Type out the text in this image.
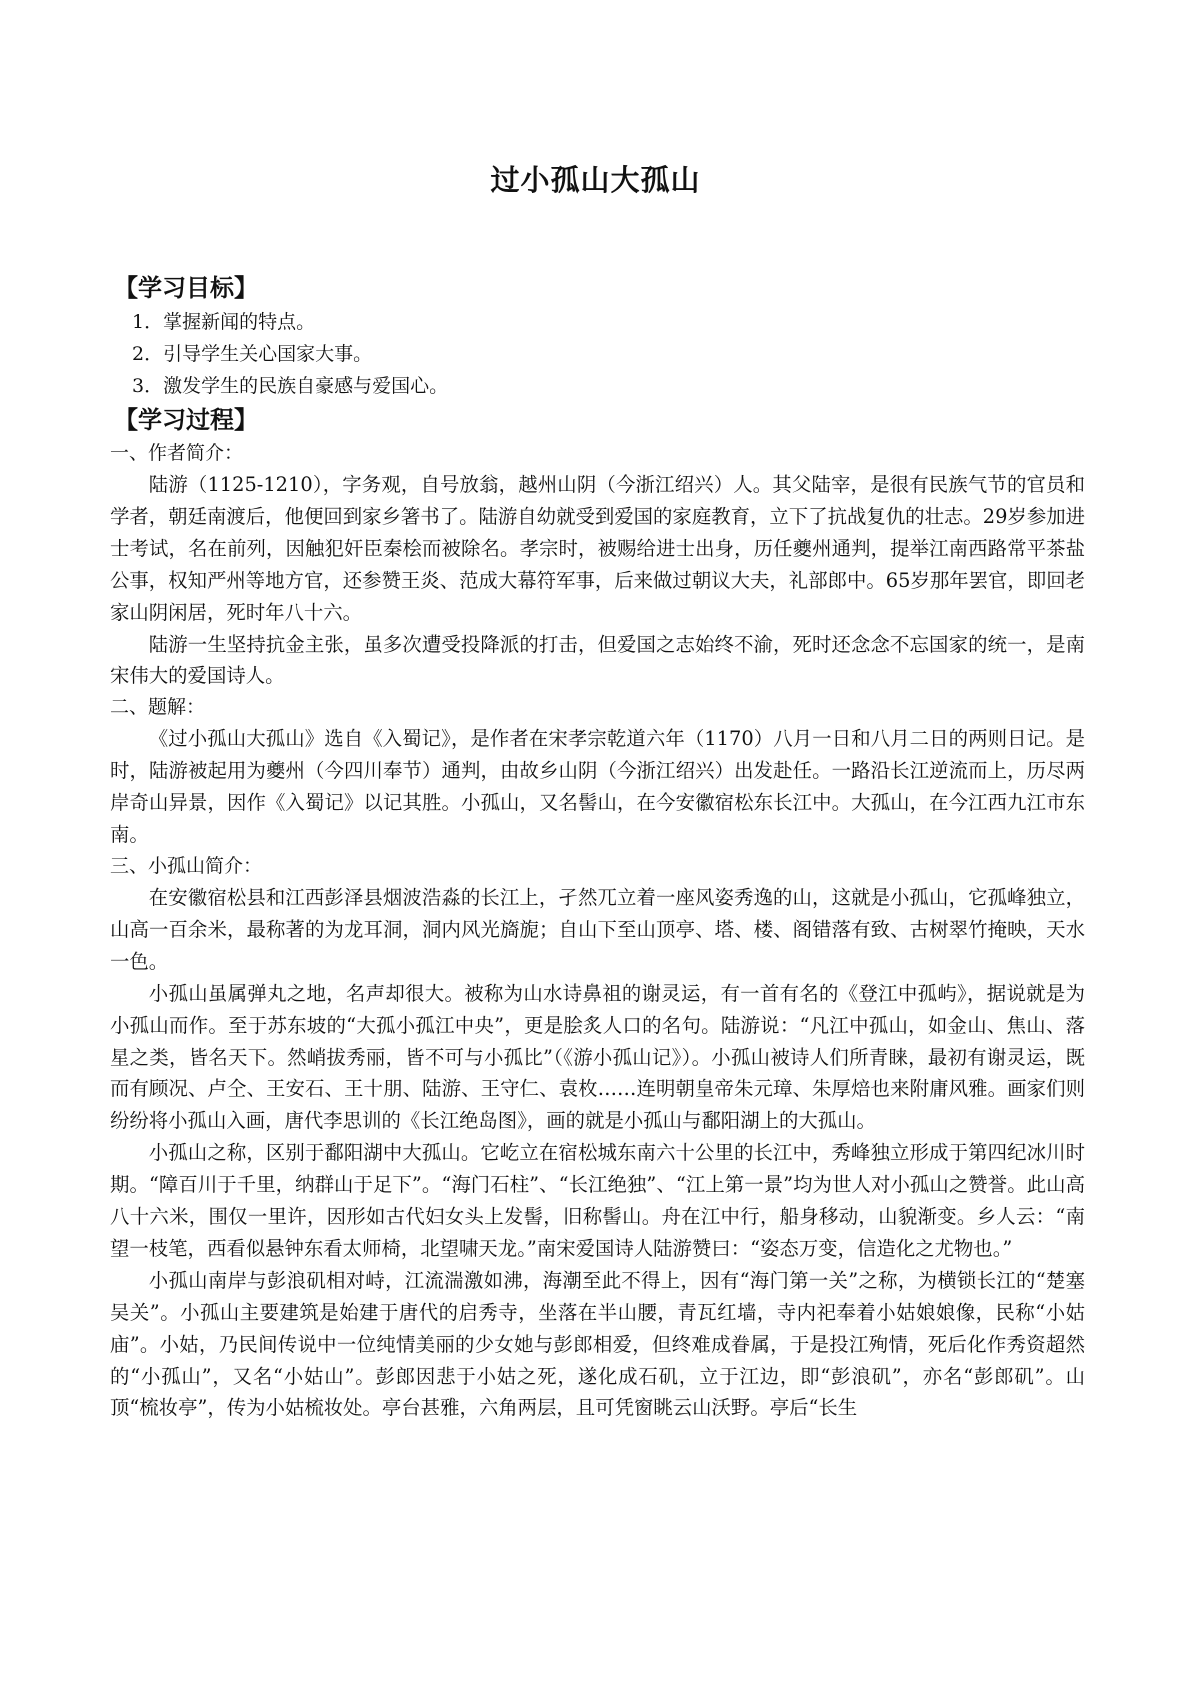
过小孤山大孤山
【学习目标】
1．掌握新闻的特点。
2．引导学生关心国家大事。
3．激发学生的民族自豪感与爱国心。
【学习过程】
一、作者简介：

陆游（1125-1210），字务观，自号放翁，越州山阴（今浙江绍兴）人。其父陆宰，是很有民族气节的官员和学者，朝廷南渡后，他便回到家乡箸书了。陆游自幼就受到爱国的家庭教育，立下了抗战复仇的壮志。29岁参加进士考试，名在前列，因触犯奸臣秦桧而被除名。孝宗时，被赐给进士出身，历任夔州通判，提举江南西路常平茶盐公事，权知严州等地方官，还参赞王炎、范成大幕符军事，后来做过朝议大夫，礼部郎中。65岁那年罢官，即回老家山阴闲居，死时年八十六。

陆游一生坚持抗金主张，虽多次遭受投降派的打击，但爱国之志始终不渝，死时还念念不忘国家的统一，是南宋伟大的爱国诗人。

二、题解：

《过小孤山大孤山》选自《入蜀记》，是作者在宋孝宗乾道六年（1170）八月一日和八月二日的两则日记。是时，陆游被起用为夔州（今四川奉节）通判，由故乡山阴（今浙江绍兴）出发赴任。一路沿长江逆流而上，历尽两岸奇山异景，因作《入蜀记》以记其胜。小孤山，又名髻山，在今安徽宿松东长江中。大孤山，在今江西九江市东南。

三、小孤山简介：

在安徽宿松县和江西彭泽县烟波浩淼的长江上，孑然兀立着一座风姿秀逸的山，这就是小孤山，它孤峰独立，山高一百余米，最称著的为龙耳洞，洞内风光旖旎；自山下至山顶亭、塔、楼、阁错落有致、古树翠竹掩映，天水一色。

小孤山虽属弹丸之地，名声却很大。被称为山水诗鼻祖的谢灵运，有一首有名的《登江中孤屿》，据说就是为小孤山而作。至于苏东坡的“大孤小孤江中央”，更是脍炙人口的名句。陆游说：“凡江中孤山，如金山、焦山、落星之类，皆名天下。然峭拔秀丽，皆不可与小孤比”（《游小孤山记》）。小孤山被诗人们所青睐，最初有谢灵运，既而有顾况、卢仝、王安石、王十朋、陆游、王守仁、袁枚……连明朝皇帝朱元璋、朱厚焙也来附庸风雅。画家们则纷纷将小孤山入画，唐代李思训的《长江绝岛图》，画的就是小孤山与鄱阳湖上的大孤山。

小孤山之称，区别于鄱阳湖中大孤山。它屹立在宿松城东南六十公里的长江中，秀峰独立形成于第四纪冰川时期。“障百川于千里，纳群山于足下”。“海门石柱”、“长江绝独”、“江上第一景”均为世人对小孤山之赞誉。此山高八十六米，围仅一里许，因形如古代妇女头上发髻，旧称髻山。舟在江中行，船身移动，山貌渐变。乡人云：“南望一枝笔，西看似悬钟东看太师椅，北望啸天龙。”南宋爱国诗人陆游赞曰：“姿态万变，信造化之尤物也。”

小孤山南岸与彭浪矶相对峙，江流湍激如沸，海潮至此不得上，因有“海门第一关”之称，为横锁长江的“楚塞吴关”。小孤山主要建筑是始建于唐代的启秀寺，坐落在半山腰，青瓦红墙，寺内祀奉着小姑娘娘像，民称“小姑庙”。小姑，乃民间传说中一位纯情美丽的少女她与彭郎相爱，但终难成眷属，于是投江殉情，死后化作秀资超然的“小孤山”，又名“小姑山”。彭郎因悲于小姑之死，遂化成石矶，立于江边，即“彭浪矶”，亦名“彭郎矶”。山顶“梳妆亭”，传为小姑梳妆处。亭台甚雅，六角两层，且可凭窗眺云山沃野。亭后“长生
